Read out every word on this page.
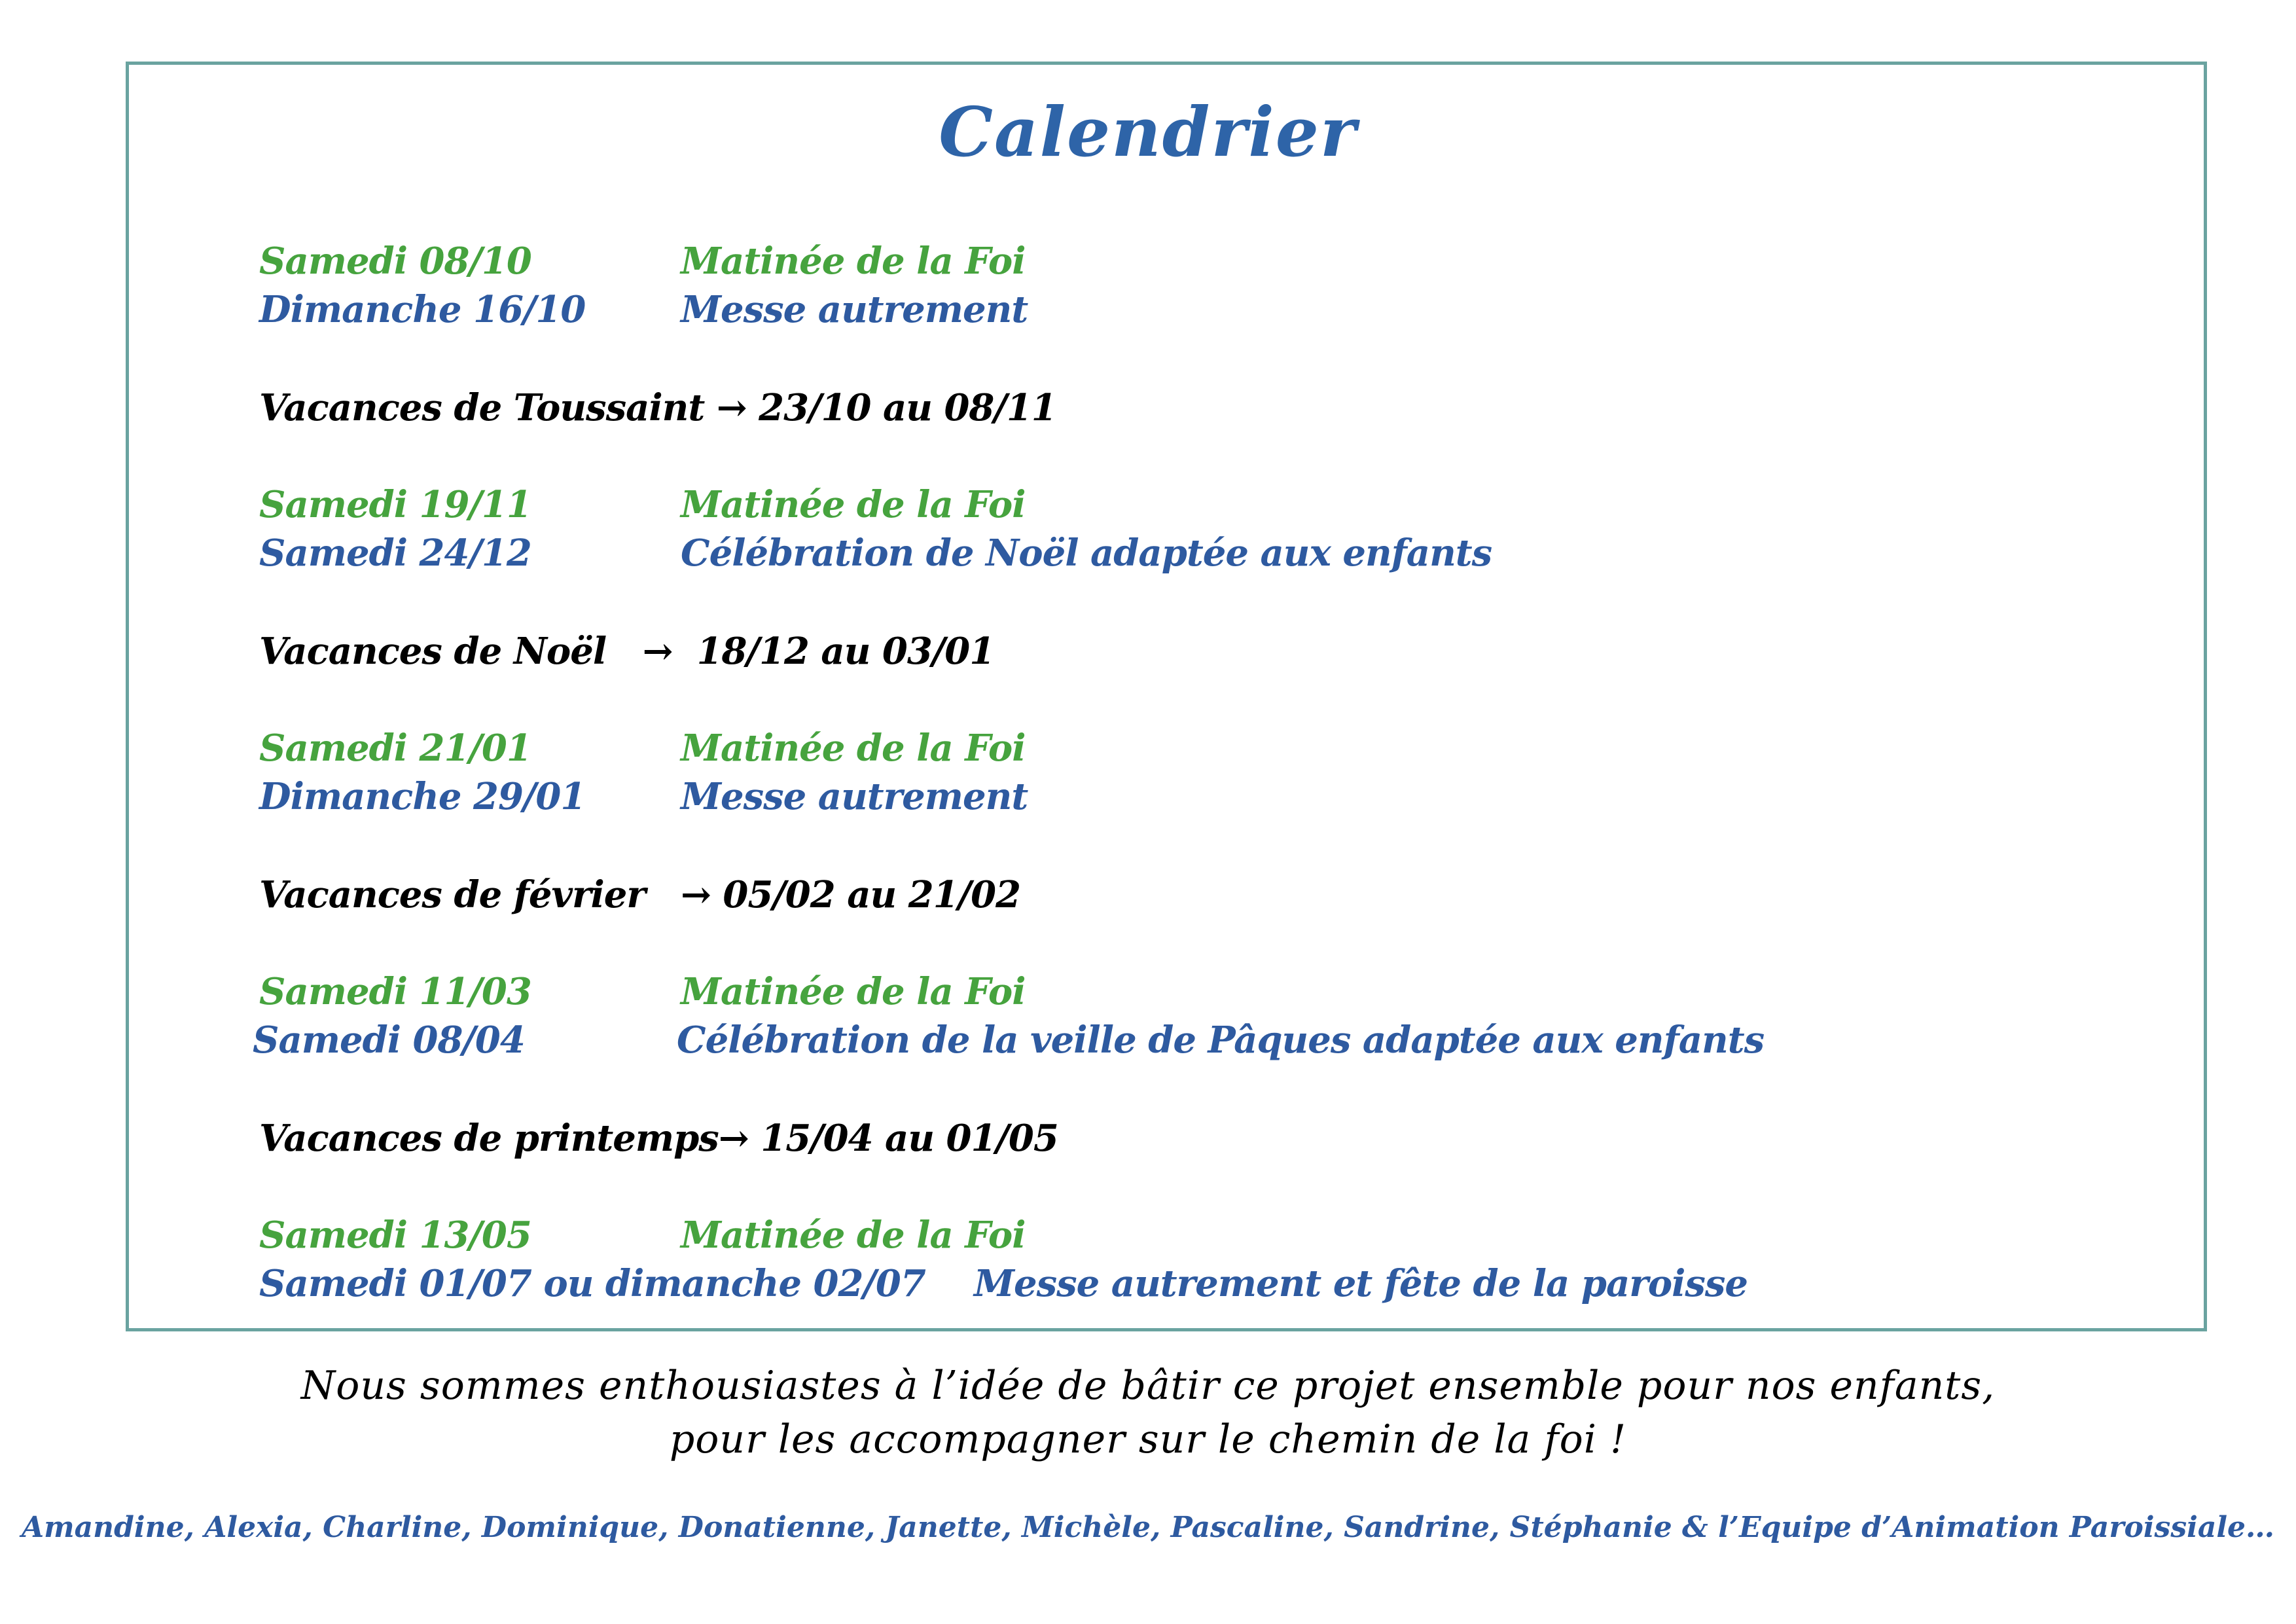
Calendrier
Samedi 08/10	Matinée de la Foi
Dimanche 16/10	Messe autrement
Vacances de Toussaint → 23/10 au 08/11
Samedi 19/11	Matinée de la Foi
Samedi 24/12	Célébration de Noël adaptée aux enfants
Vacances de Noël → 18/12 au 03/01
Samedi 21/01	Matinée de la Foi
Dimanche 29/01	Messe autrement
Vacances de février → 05/02 au 21/02
Samedi 11/03	Matinée de la Foi
Samedi 08/04	Célébration de la veille de Pâques adaptée aux enfants
Vacances de printemps→ 15/04 au 01/05
Samedi 13/05	Matinée de la Foi
Samedi 01/07 ou dimanche 02/07 Messe autrement et fête de la paroisse
Nous sommes enthousiastes à l’idée de bâtir ce projet ensemble pour nos enfants,
pour les accompagner sur le chemin de la foi !
Amandine, Alexia, Charline, Dominique, Donatienne, Janette, Michèle, Pascaline, Sandrine, Stéphanie & l’Equipe d’Animation Paroissiale…
